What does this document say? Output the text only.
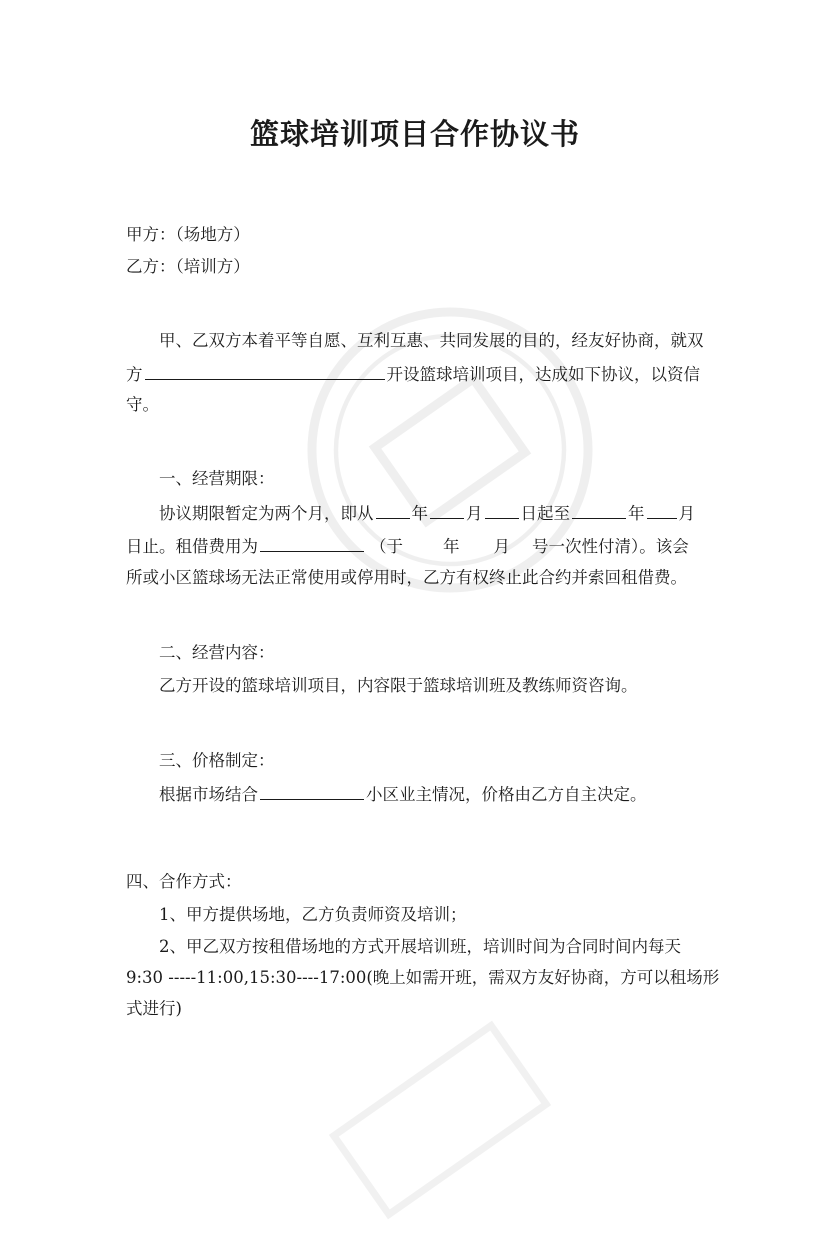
篮球培训项目合作协议书
甲方：（场地方）
乙方：（培训方）
甲、乙双方本着平等自愿、互利互惠、共同发展的目的，经友好协商，就双
方	开设篮球培训项目，达成如下协议，以资信
守。
一、经营期限：
协议期限暂定为两个月，即从 年 月 日起至	年 月
日止。租借费用为	（于 年 月 号一次性付清）。该会
所或小区篮球场无法正常使用或停用时，乙方有权终止此合约并索回租借费。
二、经营内容：
乙方开设的篮球培训项目，内容限于篮球培训班及教练师资咨询。
三、价格制定：
根据市场结合	小区业主情况，价格由乙方自主决定。
四、合作方式：
1、甲方提供场地，乙方负责师资及培训；
2、甲乙双方按租借场地的方式开展培训班，培训时间为合同时间内每天
9:30 -----11:00,15:30----17:00(晚上如需开班，需双方友好协商，方可以租场形
式进行)
